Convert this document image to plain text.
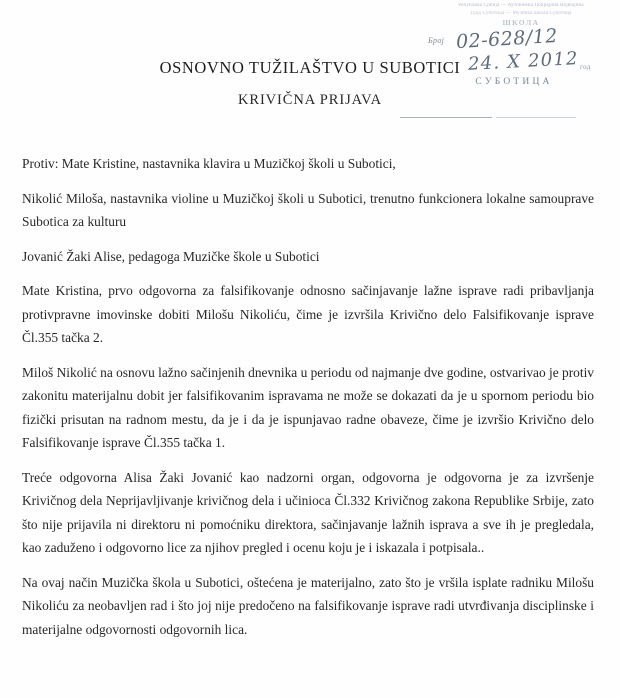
Република Србија — Аутономна Покрајина Војводина
Град Суботица — Музичка школа Суботица
ШКОЛА
Број 02-628/12
24. X 2012 год
СУБОТИЦА
OSNOVNO TUŽILAŠTVO U SUBOTICI
KRIVIČNA PRIJAVA

Protiv: Mate Kristine, nastavnika klavira u Muzičkoj školi u Subotici,

Nikolić Miloša, nastavnika violine u Muzičkoj školi u Subotici, trenutno funkcionera lokalne samouprave Subotica za kulturu

Jovanić Žaki Alise, pedagoga Muzičke škole u Subotici

Mate Kristina, prvo odgovorna za falsifikovanje odnosno sačinjavanje lažne isprave radi pribavljanja protivpravne imovinske dobiti Milošu Nikoliću, čime je izvršila Krivično delo Falsifikovanje isprave Čl.355 tačka 2.

Miloš Nikolić na osnovu lažno sačinjenih dnevnika u periodu od najmanje dve godine, ostvarivao je protiv zakonitu materijalnu dobit jer falsifikovanim ispravama ne može se dokazati da je u spornom periodu bio fizički prisutan na radnom mestu, da je i da je ispunjavao radne obaveze, čime je izvršio Krivično delo Falsifikovanje isprave Čl.355 tačka 1.

Treće odgovorna Alisa Žaki Jovanić kao nadzorni organ, odgovorna je odgovorna je za izvršenje Krivičnog dela Neprijavljivanje krivičnog dela i učinioca Čl.332 Krivičnog zakona Republike Srbije, zato što nije prijavila ni direktoru ni pomoćniku direktora, sačinjavanje lažnih isprava a sve ih je pregledala, kao zaduženo i odgovorno lice za njihov pregled i ocenu koju je i iskazala i potpisala..

Na ovaj način Muzička škola u Subotici, oštećena je materijalno, zato što je vršila isplate radniku Milošu Nikoliću za neobavljen rad i što joj nije predočeno na falsifikovanje isprave radi utvrđivanja disciplinske i materijalne odgovornosti odgovornih lica.
